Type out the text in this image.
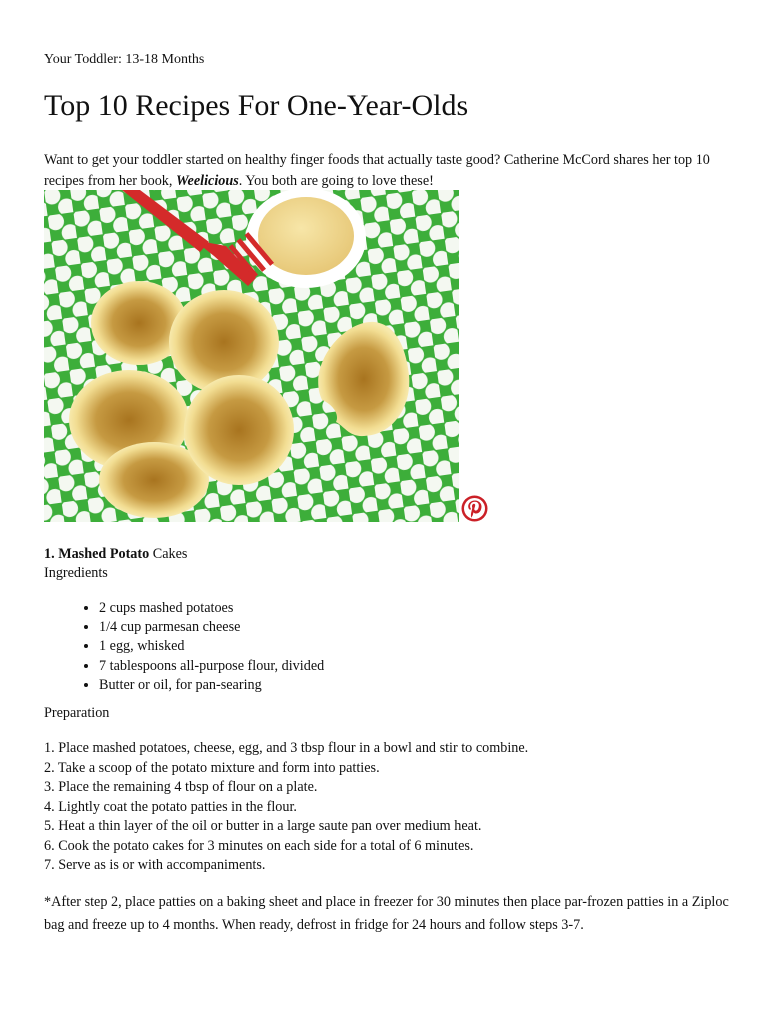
Your Toddler: 13-18 Months
Top 10 Recipes For One-Year-Olds

Want to get your toddler started on healthy finger foods that actually taste good? Catherine McCord shares her top 10 recipes from her book, Weelicious. You both are going to love these!

1. Mashed Potato Cakes
Ingredients
• 2 cups mashed potatoes
• 1/4 cup parmesan cheese
• 1 egg, whisked
• 7 tablespoons all-purpose flour, divided
• Butter or oil, for pan-searing
Preparation
1. Place mashed potatoes, cheese, egg, and 3 tbsp flour in a bowl and stir to combine.
2. Take a scoop of the potato mixture and form into patties.
3. Place the remaining 4 tbsp of flour on a plate.
4. Lightly coat the potato patties in the flour.
5. Heat a thin layer of the oil or butter in a large saute pan over medium heat.
6. Cook the potato cakes for 3 minutes on each side for a total of 6 minutes.
7. Serve as is or with accompaniments.

*After step 2, place patties on a baking sheet and place in freezer for 30 minutes then place par-frozen patties in a Ziploc bag and freeze up to 4 months. When ready, defrost in fridge for 24 hours and follow steps 3-7.
